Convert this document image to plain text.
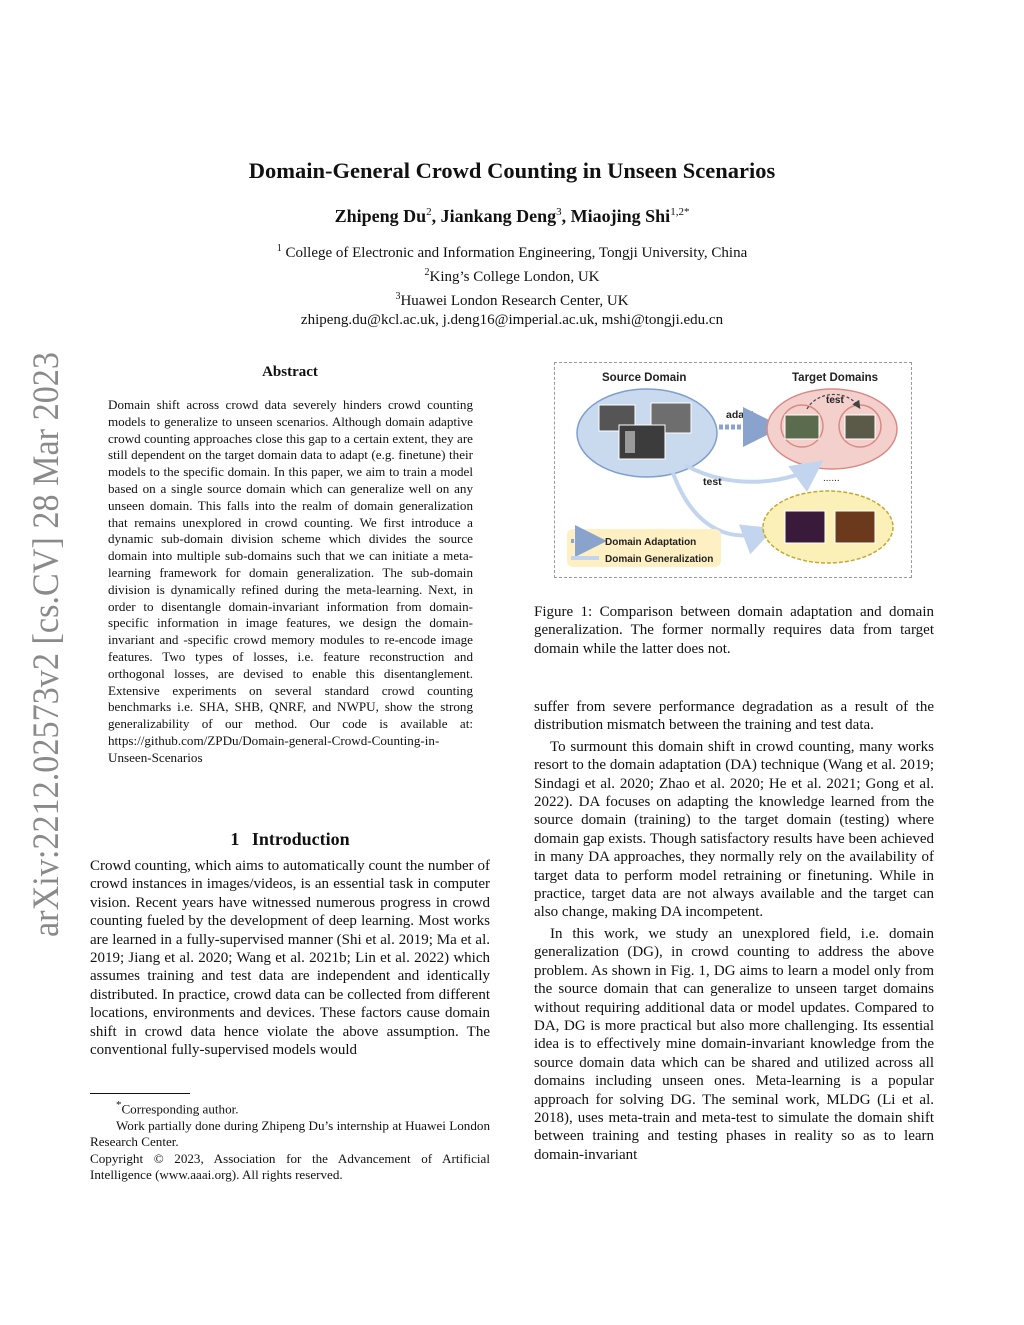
arXiv:2212.02573v2 [cs.CV] 28 Mar 2023
Domain-General Crowd Counting in Unseen Scenarios
Zhipeng Du$^2$, Jiankang Deng$^3$, Miaojing Shi$^{1,2*}$
$^1$ College of Electronic and Information Engineering, Tongji University, China
$^2$King’s College London, UK
$^3$Huawei London Research Center, UK
zhipeng.du@kcl.ac.uk, j.deng16@imperial.ac.uk, mshi@tongji.edu.cn
Abstract
Domain shift across crowd data severely hinders crowd counting models to generalize to unseen scenarios. Although domain adaptive crowd counting approaches close this gap to a certain extent, they are still dependent on the target domain data to adapt (e.g. finetune) their models to the specific domain. In this paper, we aim to train a model based on a single source domain which can generalize well on any unseen domain. This falls into the realm of domain generalization that remains unexplored in crowd counting. We first introduce a dynamic sub-domain division scheme which divides the source domain into multiple sub-domains such that we can initiate a meta-learning framework for domain generalization. The sub-domain division is dynamically refined during the meta-learning. Next, in order to disentangle domain-invariant information from domain-specific information in image features, we design the domain-invariant and -specific crowd memory modules to re-encode image features. Two types of losses, i.e. feature reconstruction and orthogonal losses, are devised to enable this disentanglement. Extensive experiments on several standard crowd counting benchmarks i.e. SHA, SHB, QNRF, and NWPU, show the strong generalizability of our method. Our code is available at: https://github.com/ZPDu/Domain-general-Crowd-Counting-in-Unseen-Scenarios
1 Introduction

Crowd counting, which aims to automatically count the number of crowd instances in images/videos, is an essential task in computer vision. Recent years have witnessed numerous progress in crowd counting fueled by the development of deep learning. Most works are learned in a fully-supervised manner (Shi et al. 2019; Ma et al. 2019; Jiang et al. 2020; Wang et al. 2021b; Lin et al. 2022) which assumes training and test data are independent and identically distributed. In practice, crowd data can be collected from different locations, environments and devices. These factors cause domain shift in crowd data hence violate the above assumption. The conventional fully-supervised models would

*Corresponding author.

Work partially done during Zhipeng Du’s internship at Huawei London Research Center.

Copyright © 2023, Association for the Advancement of Artificial Intelligence (www.aaai.org). All rights reserved.

Source Domain	Target Domains
adapt
test
test	......
Domain Adaptation
Domain Generalization
Figure 1: Comparison between domain adaptation and domain generalization. The former normally requires data from target domain while the latter does not.

suffer from severe performance degradation as a result of the distribution mismatch between the training and test data.

To surmount this domain shift in crowd counting, many works resort to the domain adaptation (DA) technique (Wang et al. 2019; Sindagi et al. 2020; Zhao et al. 2020; He et al. 2021; Gong et al. 2022). DA focuses on adapting the knowledge learned from the source domain (training) to the target domain (testing) where domain gap exists. Though satisfactory results have been achieved in many DA approaches, they normally rely on the availability of target data to perform model retraining or finetuning. While in practice, target data are not always available and the target can also change, making DA incompetent.

In this work, we study an unexplored field, i.e. domain generalization (DG), in crowd counting to address the above problem. As shown in Fig. 1, DG aims to learn a model only from the source domain that can generalize to unseen target domains without requiring additional data or model updates. Compared to DA, DG is more practical but also more challenging. Its essential idea is to effectively mine domain-invariant knowledge from the source domain data which can be shared and utilized across all domains including unseen ones. Meta-learning is a popular approach for solving DG. The seminal work, MLDG (Li et al. 2018), uses meta-train and meta-test to simulate the domain shift between training and testing phases in reality so as to learn domain-invariant
